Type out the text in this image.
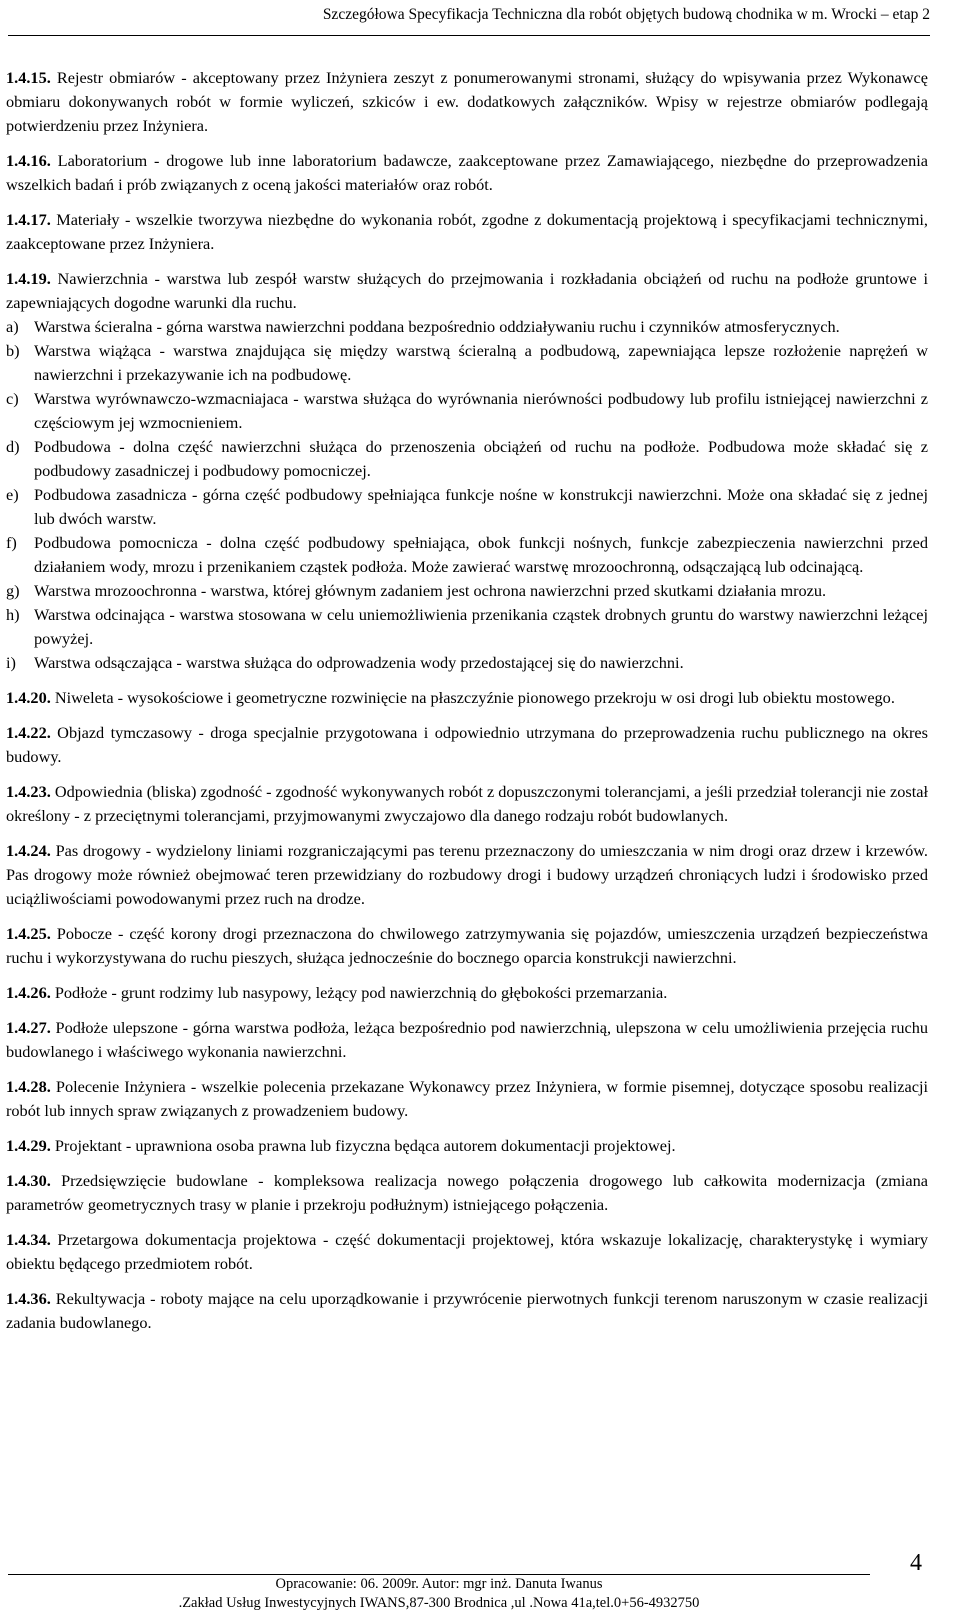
Szczegółowa Specyfikacja Techniczna dla robót objętych budową chodnika w m. Wrocki – etap 2

1.4.15. Rejestr obmiarów - akceptowany przez Inżyniera zeszyt z ponumerowanymi stronami, służący do wpisywania przez Wykonawcę obmiaru dokonywanych robót w formie wyliczeń, szkiców i ew. dodatkowych załączników. Wpisy w rejestrze obmiarów podlegają potwierdzeniu przez Inżyniera.

1.4.16. Laboratorium - drogowe lub inne laboratorium badawcze, zaakceptowane przez Zamawiającego, niezbędne do przeprowadzenia wszelkich badań i prób związanych z oceną jakości materiałów oraz robót.

1.4.17. Materiały - wszelkie tworzywa niezbędne do wykonania robót, zgodne z dokumentacją projektową i specyfikacjami technicznymi, zaakceptowane przez Inżyniera.

1.4.19. Nawierzchnia - warstwa lub zespół warstw służących do przejmowania i rozkładania obciążeń od ruchu na podłoże gruntowe i zapewniających dogodne warunki dla ruchu.

a) Warstwa ścieralna - górna warstwa nawierzchni poddana bezpośrednio oddziaływaniu ruchu i czynników atmosferycznych.

b) Warstwa wiążąca - warstwa znajdująca się między warstwą ścieralną a podbudową, zapewniająca lepsze rozłożenie naprężeń w nawierzchni i przekazywanie ich na podbudowę.

c) Warstwa wyrównawczo-wzmacniajaca - warstwa służąca do wyrównania nierówności podbudowy lub profilu istniejącej nawierzchni z częściowym jej wzmocnieniem.

d) Podbudowa - dolna część nawierzchni służąca do przenoszenia obciążeń od ruchu na podłoże. Podbudowa może składać się z podbudowy zasadniczej i podbudowy pomocniczej.

e) Podbudowa zasadnicza - górna część podbudowy spełniająca funkcje nośne w konstrukcji nawierzchni. Może ona składać się z jednej lub dwóch warstw.

f) Podbudowa pomocnicza - dolna część podbudowy spełniająca, obok funkcji nośnych, funkcje zabezpieczenia nawierzchni przed działaniem wody, mrozu i przenikaniem cząstek podłoża. Może zawierać warstwę mrozoochronną, odsączającą lub odcinającą.

g) Warstwa mrozoochronna - warstwa, której głównym zadaniem jest ochrona nawierzchni przed skutkami działania mrozu.

h) Warstwa odcinająca - warstwa stosowana w celu uniemożliwienia przenikania cząstek drobnych gruntu do warstwy nawierzchni leżącej powyżej.

i) Warstwa odsączająca - warstwa służąca do odprowadzenia wody przedostającej się do nawierzchni.

1.4.20. Niweleta - wysokościowe i geometryczne rozwinięcie na płaszczyźnie pionowego przekroju w osi drogi lub obiektu mostowego.

1.4.22. Objazd tymczasowy - droga specjalnie przygotowana i odpowiednio utrzymana do przeprowadzenia ruchu publicznego na okres budowy.

1.4.23. Odpowiednia (bliska) zgodność - zgodność wykonywanych robót z dopuszczonymi tolerancjami, a jeśli przedział tolerancji nie został określony - z przeciętnymi tolerancjami, przyjmowanymi zwyczajowo dla danego rodzaju robót budowlanych.

1.4.24. Pas drogowy - wydzielony liniami rozgraniczającymi pas terenu przeznaczony do umieszczania w nim drogi oraz drzew i krzewów. Pas drogowy może również obejmować teren przewidziany do rozbudowy drogi i budowy urządzeń chroniących ludzi i środowisko przed uciążliwościami powodowanymi przez ruch na drodze.

1.4.25. Pobocze - część korony drogi przeznaczona do chwilowego zatrzymywania się pojazdów, umieszczenia urządzeń bezpieczeństwa ruchu i wykorzystywana do ruchu pieszych, służąca jednocześnie do bocznego oparcia konstrukcji nawierzchni.

1.4.26. Podłoże - grunt rodzimy lub nasypowy, leżący pod nawierzchnią do głębokości przemarzania.

1.4.27. Podłoże ulepszone - górna warstwa podłoża, leżąca bezpośrednio pod nawierzchnią, ulepszona w celu umożliwienia przejęcia ruchu budowlanego i właściwego wykonania nawierzchni.

1.4.28. Polecenie Inżyniera - wszelkie polecenia przekazane Wykonawcy przez Inżyniera, w formie pisemnej, dotyczące sposobu realizacji robót lub innych spraw związanych z prowadzeniem budowy.

1.4.29. Projektant - uprawniona osoba prawna lub fizyczna będąca autorem dokumentacji projektowej.

1.4.30. Przedsięwzięcie budowlane - kompleksowa realizacja nowego połączenia drogowego lub całkowita modernizacja (zmiana parametrów geometrycznych trasy w planie i przekroju podłużnym) istniejącego połączenia.

1.4.34. Przetargowa dokumentacja projektowa - część dokumentacji projektowej, która wskazuje lokalizację, charakterystykę i wymiary obiektu będącego przedmiotem robót.

1.4.36. Rekultywacja - roboty mające na celu uporządkowanie i przywrócenie pierwotnych funkcji terenom naruszonym w czasie realizacji zadania budowlanego.

Opracowanie: 06. 2009r. Autor: mgr inż. Danuta Iwanus
.Zakład Usług Inwestycyjnych IWANS,87-300 Brodnica ,ul .Nowa 41a,tel.0+56-4932750
4
